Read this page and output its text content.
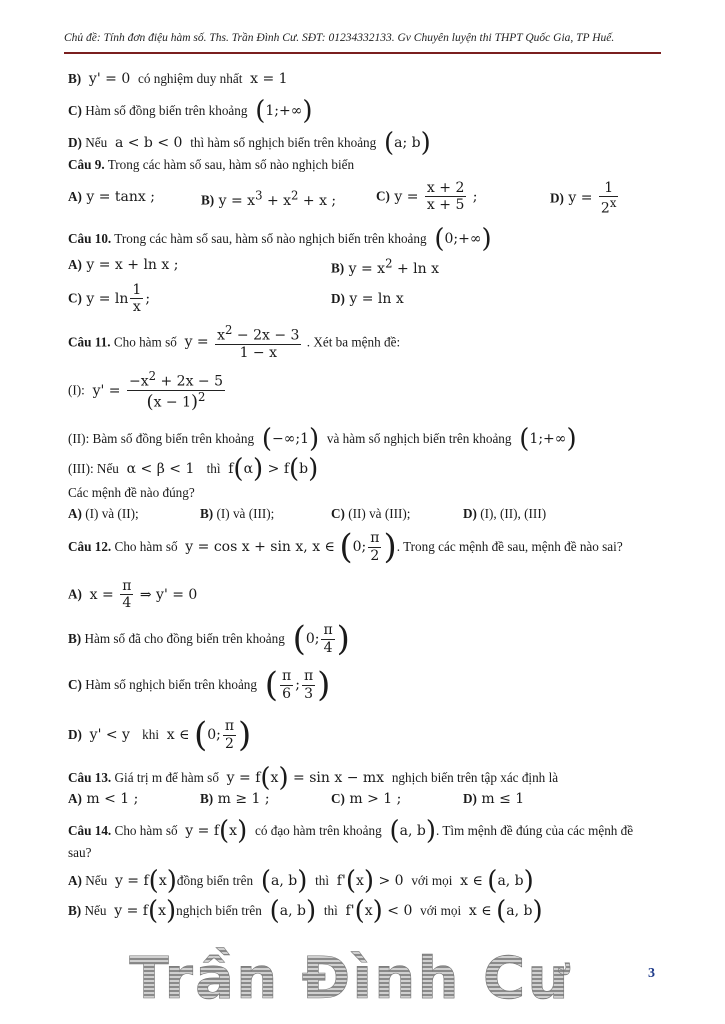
Chủ đề: Tính đơn điệu hàm số. Ths. Trần Đình Cư. SĐT: 01234332133. Gv Chuyên luyện thi THPT Quốc Gia, TP Huế.
B)  y' = 0  có nghiệm duy nhất  x = 1
C) Hàm số đồng biến trên khoảng (1;+∞)
D) Nếu  a < b < 0  thì hàm số nghịch biến trên khoảng (a; b)
Câu 9. Trong các hàm số sau, hàm số nào nghịch biến
A) y = tanx ;	B) $y = x^3 + x^2 + x$ ;	C) $y = \frac{x + 2}{x + 5}$ ;	D) $y = \frac{1}{2^x}$
Câu 10. Trong các hàm số sau, hàm số nào nghịch biến trên khoảng (0;+∞)
A) y = x + ln x ;	B) $y = x^2 + \ln x$
C) $y = \ln \frac{1}{x}$ ;	D) y = ln x
Câu 11. Cho hàm số  $y = \frac{x^2 - 2x - 3}{1 - x}$ . Xét ba mệnh đề:
(I):  $y' = \frac{-x^2 + 2x - 5}{(x - 1)^2}$
(II): Bàm số đồng biến trên khoảng (−∞;1) và hàm số nghịch biến trên khoảng (1;+∞)
(III): Nếu  α < β < 1   thì  f(α) > f(b)
Các mệnh đề nào đúng?
A) (I) và (II);	B) (I) và (III);	C) (II) và (III);	D) (I), (II), (III)
Câu 12. Cho hàm số  y = cos x + sin x, x ∈ (0; $\frac{\pi}{2}$ ). Trong các mệnh đề sau, mệnh đề nào sai?
A)  $x = \frac{\pi}{4}$ ⇒ y' = 0
B) Hàm số đã cho đồng biến trên khoảng (0; $\frac{\pi}{4}$ )
C) Hàm số nghịch biến trên khoảng ( $\frac{\pi}{6}$ ; $\frac{\pi}{3}$ )
D)  y' < y   khi  x ∈ (0; $\frac{\pi}{2}$ )
Câu 13. Giá trị m để hàm số  y = f(x) = sin x − mx  nghịch biến trên tập xác định là
A) m < 1 ;	B) m ≥ 1 ;	C) m > 1 ;	D) m ≤ 1
Câu 14. Cho hàm số  y = f(x) có đạo hàm trên khoảng (a, b). Tìm mệnh đề đúng của các mệnh đề
sau?
A) Nếu  y = f(x)đồng biến trên (a, b) thì  f'(x) > 0  với mọi  x ∈ (a, b)
B) Nếu  y = f(x)nghịch biến trên (a, b) thì  f'(x) < 0  với mọi  x ∈ (a, b)
Trần Đình Cư	3
